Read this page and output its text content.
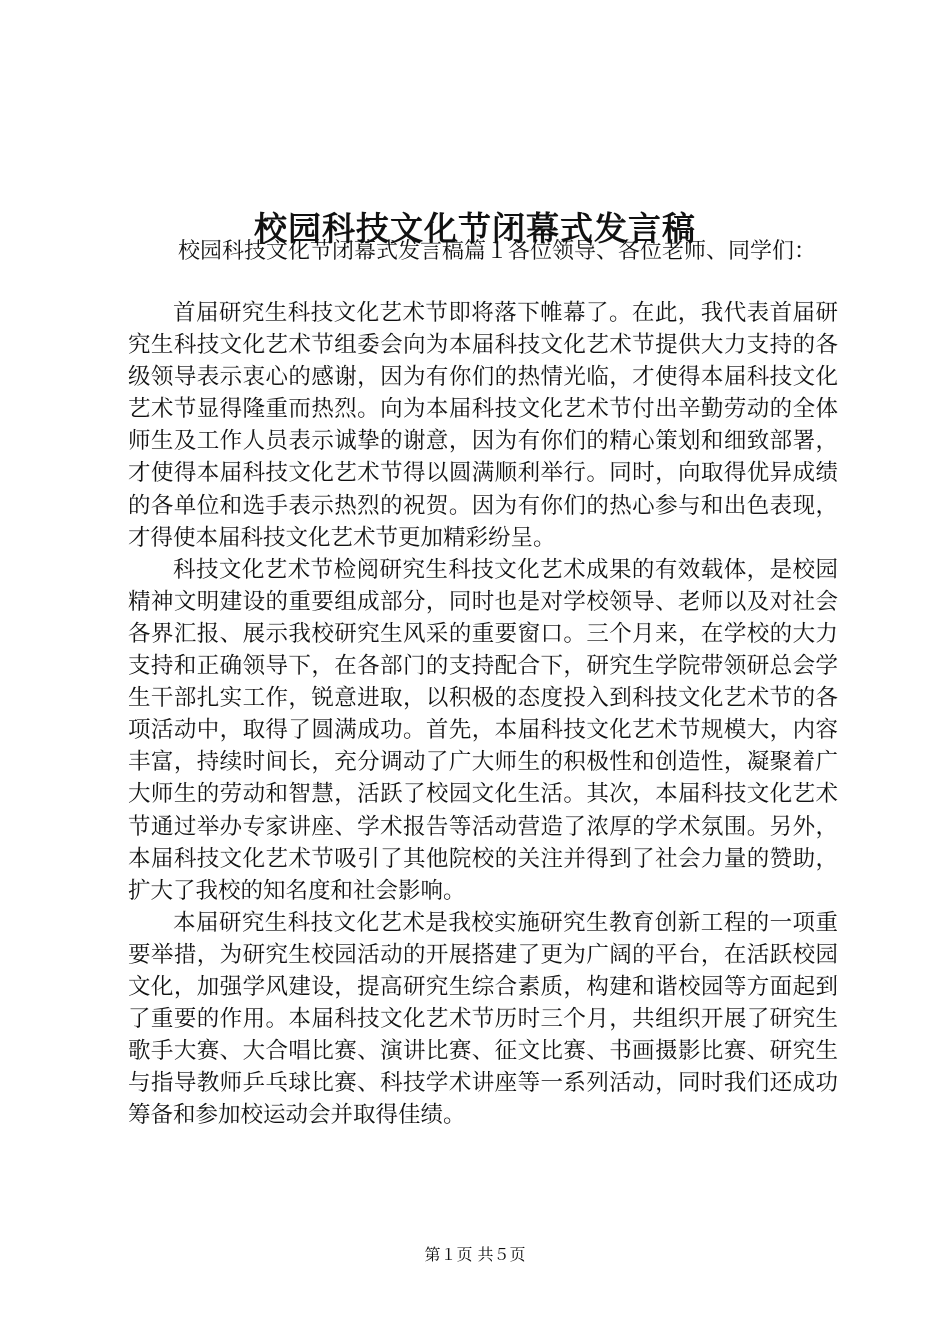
校园科技文化节闭幕式发言稿

校园科技文化节闭幕式发言稿篇１各位领导、各位老师、同学们：

首届研究生科技文化艺术节即将落下帷幕了。在此，我代表首届研究生科技文化艺术节组委会向为本届科技文化艺术节提供大力支持的各级领导表示衷心的感谢，因为有你们的热情光临，才使得本届科技文化艺术节显得隆重而热烈。向为本届科技文化艺术节付出辛勤劳动的全体师生及工作人员表示诚挚的谢意，因为有你们的精心策划和细致部署，才使得本届科技文化艺术节得以圆满顺利举行。同时，向取得优异成绩的各单位和选手表示热烈的祝贺。因为有你们的热心参与和出色表现，才得使本届科技文化艺术节更加精彩纷呈。

科技文化艺术节检阅研究生科技文化艺术成果的有效载体，是校园精神文明建设的重要组成部分，同时也是对学校领导、老师以及对社会各界汇报、展示我校研究生风采的重要窗口。三个月来，在学校的大力支持和正确领导下，在各部门的支持配合下，研究生学院带领研总会学生干部扎实工作，锐意进取，以积极的态度投入到科技文化艺术节的各项活动中，取得了圆满成功。首先，本届科技文化艺术节规模大，内容丰富，持续时间长，充分调动了广大师生的积极性和创造性，凝聚着广大师生的劳动和智慧，活跃了校园文化生活。其次，本届科技文化艺术节通过举办专家讲座、学术报告等活动营造了浓厚的学术氛围。另外，本届科技文化艺术节吸引了其他院校的关注并得到了社会力量的赞助，扩大了我校的知名度和社会影响。

本届研究生科技文化艺术是我校实施研究生教育创新工程的一项重要举措，为研究生校园活动的开展搭建了更为广阔的平台，在活跃校园文化，加强学风建设，提高研究生综合素质，构建和谐校园等方面起到了重要的作用。本届科技文化艺术节历时三个月，共组织开展了研究生歌手大赛、大合唱比赛、演讲比赛、征文比赛、书画摄影比赛、研究生与指导教师乒乓球比赛、科技学术讲座等一系列活动，同时我们还成功筹备和参加校运动会并取得佳绩。

第１页 共５页
